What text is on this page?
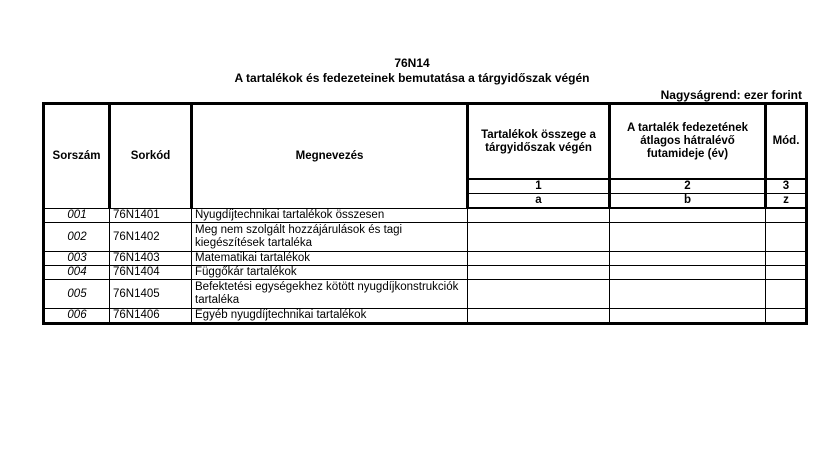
76N14
A tartalékok és fedezeteinek bemutatása a tárgyidőszak végén
Nagyságrend: ezer forint
Sorszám	Sorkód	Megnevezés	Tartalékok összege a tárgyidőszak végén	A tartalék fedezetének átlagos hátralévő futamideje (év)	Mód.
			1	2	3
			a	b	z
001	76N1401	Nyugdíjtechnikai tartalékok összesen			
002	76N1402	Meg nem szolgált hozzájárulások és tagi kiegészítések tartaléka			
003	76N1403	Matematikai tartalékok			
004	76N1404	Függőkár tartalékok			
005	76N1405	Befektetési egységekhez kötött nyugdíjkonstrukciók tartaléka			
006	76N1406	Egyéb nyugdíjtechnikai tartalékok			
